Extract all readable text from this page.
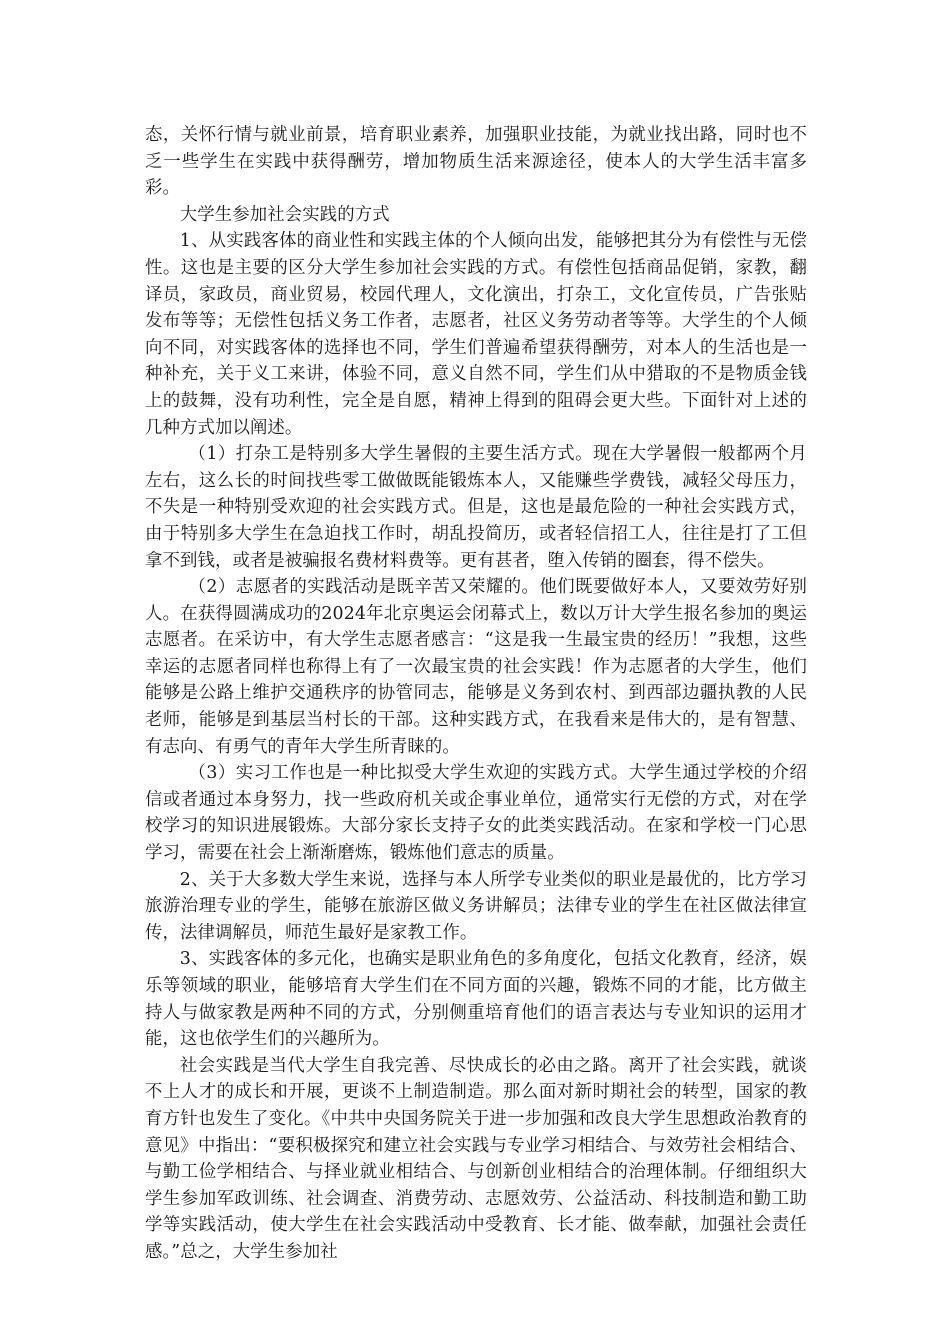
态，关怀行情与就业前景，培育职业素养，加强职业技能，为就业找出路，同时也不乏一些学生在实践中获得酬劳，增加物质生活来源途径，使本人的大学生活丰富多彩。

大学生参加社会实践的方式

1、从实践客体的商业性和实践主体的个人倾向出发，能够把其分为有偿性与无偿性。这也是主要的区分大学生参加社会实践的方式。有偿性包括商品促销，家教，翻译员，家政员，商业贸易，校园代理人，文化演出，打杂工，文化宣传员，广告张贴发布等等；无偿性包括义务工作者，志愿者，社区义务劳动者等等。大学生的个人倾向不同，对实践客体的选择也不同，学生们普遍希望获得酬劳，对本人的生活也是一种补充，关于义工来讲，体验不同，意义自然不同，学生们从中猎取的不是物质金钱上的鼓舞，没有功利性，完全是自愿，精神上得到的阻碍会更大些。下面针对上述的几种方式加以阐述。

（1）打杂工是特别多大学生暑假的主要生活方式。现在大学暑假一般都两个月左右，这么长的时间找些零工做做既能锻炼本人，又能赚些学费钱，减轻父母压力，不失是一种特别受欢迎的社会实践方式。但是，这也是最危险的一种社会实践方式，由于特别多大学生在急迫找工作时，胡乱投简历，或者轻信招工人，往往是打了工但拿不到钱，或者是被骗报名费材料费等。更有甚者，堕入传销的圈套，得不偿失。

（2）志愿者的实践活动是既辛苦又荣耀的。他们既要做好本人，又要效劳好别人。在获得圆满成功的2024年北京奥运会闭幕式上，数以万计大学生报名参加的奥运志愿者。在采访中，有大学生志愿者感言：“这是我一生最宝贵的经历！”我想，这些幸运的志愿者同样也称得上有了一次最宝贵的社会实践！作为志愿者的大学生，他们能够是公路上维护交通秩序的协管同志，能够是义务到农村、到西部边疆执教的人民老师，能够是到基层当村长的干部。这种实践方式，在我看来是伟大的，是有智慧、有志向、有勇气的青年大学生所青睐的。

（3）实习工作也是一种比拟受大学生欢迎的实践方式。大学生通过学校的介绍信或者通过本身努力，找一些政府机关或企事业单位，通常实行无偿的方式，对在学校学习的知识进展锻炼。大部分家长支持子女的此类实践活动。在家和学校一门心思学习，需要在社会上渐渐磨炼，锻炼他们意志的质量。

2、关于大多数大学生来说，选择与本人所学专业类似的职业是最优的，比方学习旅游治理专业的学生，能够在旅游区做义务讲解员；法律专业的学生在社区做法律宣传，法律调解员，师范生最好是家教工作。

3、实践客体的多元化，也确实是职业角色的多角度化，包括文化教育，经济，娱乐等领域的职业，能够培育大学生们在不同方面的兴趣，锻炼不同的才能，比方做主持人与做家教是两种不同的方式，分别侧重培育他们的语言表达与专业知识的运用才能，这也依学生们的兴趣所为。

社会实践是当代大学生自我完善、尽快成长的必由之路。离开了社会实践，就谈不上人才的成长和开展，更谈不上制造制造。那么面对新时期社会的转型，国家的教育方针也发生了变化。《中共中央国务院关于进一步加强和改良大学生思想政治教育的意见》中指出：“要积极探究和建立社会实践与专业学习相结合、与效劳社会相结合、与勤工俭学相结合、与择业就业相结合、与创新创业相结合的治理体制。仔细组织大学生参加军政训练、社会调查、消费劳动、志愿效劳、公益活动、科技制造和勤工助学等实践活动，使大学生在社会实践活动中受教育、长才能、做奉献，加强社会责任感。”总之，大学生参加社
